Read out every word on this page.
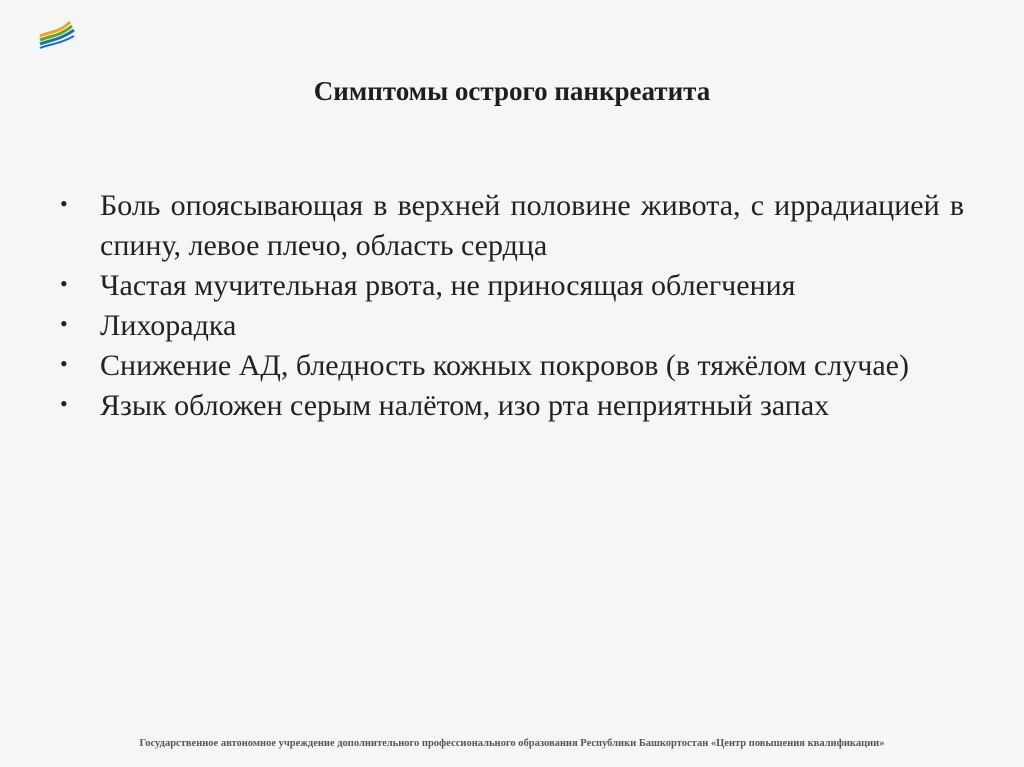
Симптомы острого панкреатита
•	Боль опоясывающая в верхней половине живота, с иррадиацией в спину, левое плечо, область сердца
•	Частая мучительная рвота, не приносящая облегчения
•	Лихорадка
•	Снижение АД, бледность кожных покровов (в тяжёлом случае)
•	Язык обложен серым налётом, изо рта неприятный запах
Государственное автономное учреждение дополнительного профессионального образования Республики Башкортостан «Центр повышения квалификации»
